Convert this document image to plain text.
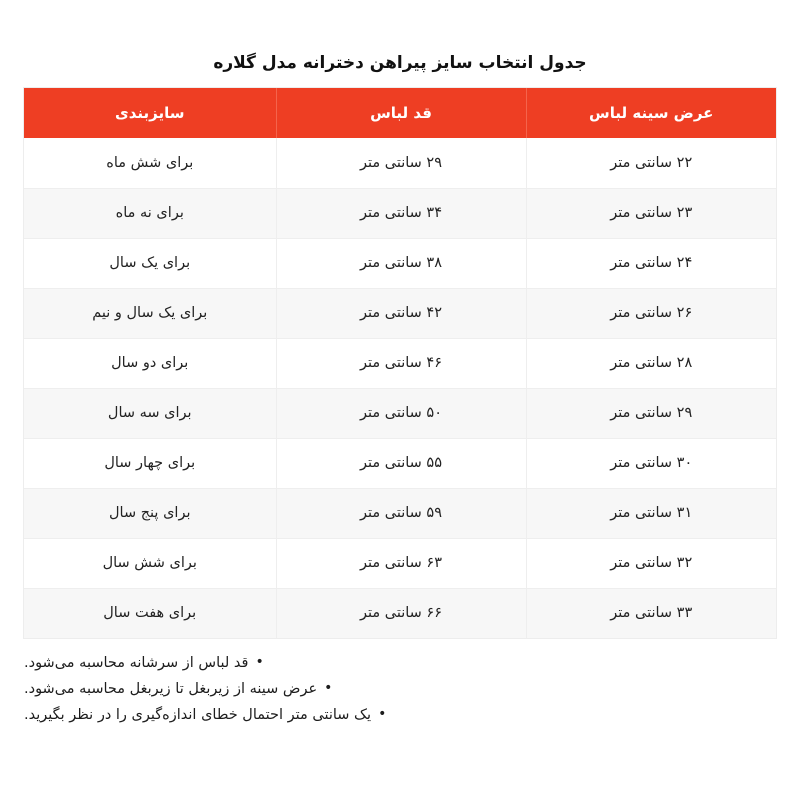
جدول انتخاب سایز پیراهن دخترانه مدل گلاره
عرض سینه لباس	قد لباس	سایزبندی
۲۲ سانتی متر	۲۹ سانتی متر	برای شش ماه
۲۳ سانتی متر	۳۴ سانتی متر	برای نه ماه
۲۴ سانتی متر	۳۸ سانتی متر	برای یک سال
۲۶ سانتی متر	۴۲ سانتی متر	برای یک سال و نیم
۲۸ سانتی متر	۴۶ سانتی متر	برای دو سال
۲۹ سانتی متر	۵۰ سانتی متر	برای سه سال
۳۰ سانتی متر	۵۵ سانتی متر	برای چهار سال
۳۱ سانتی متر	۵۹ سانتی متر	برای پنج سال
۳۲ سانتی متر	۶۳ سانتی متر	برای شش سال
۳۳ سانتی متر	۶۶ سانتی متر	برای هفت سال
• قد لباس از سرشانه محاسبه می‌شود.
• عرض سینه از زیربغل تا زیربغل محاسبه می‌شود.
• یک سانتی متر احتمال خطای اندازه‌گیری را در نظر بگیرید.
